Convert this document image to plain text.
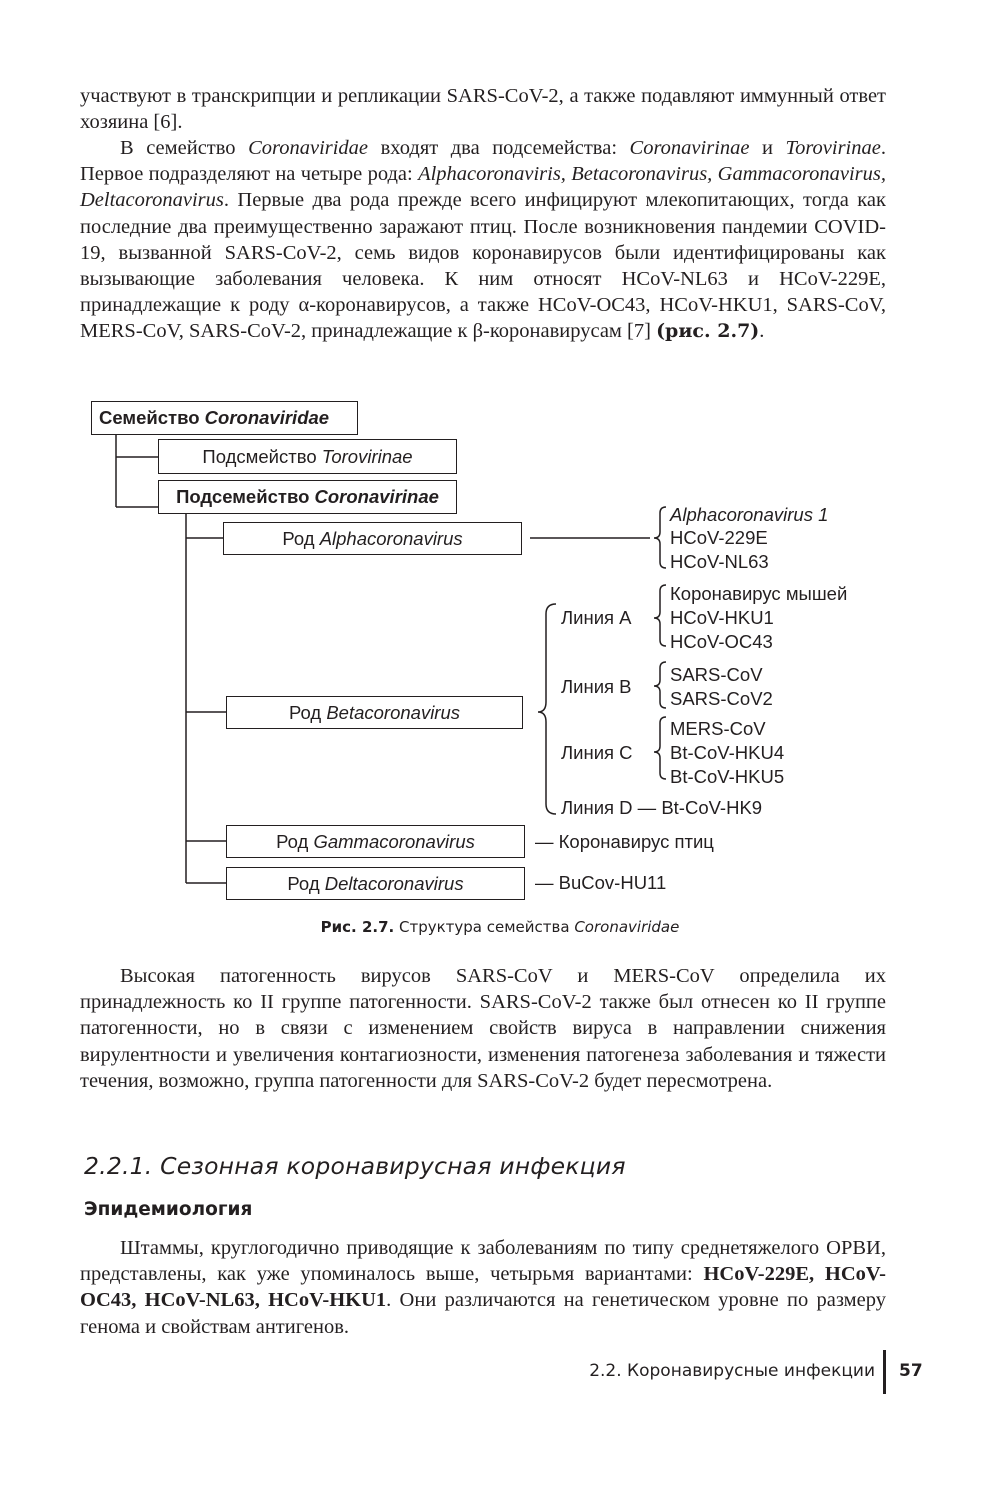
участвуют в транскрипции и репликации SARS-CoV-2, а также подавляют иммунный ответ хозяина [6].

В семейство Coronaviridae входят два подсемейства: Coronavirinae и Torovirinae. Первое подразделяют на четыре рода: Alphacoronaviris, Betacoronavirus, Gammacoronavirus, Deltacoronavirus. Первые два рода прежде всего инфицируют млекопитающих, тогда как последние два преимущественно заражают птиц. После возникновения пандемии COVID-19, вызванной SARS-CoV-2, семь видов коронавирусов были идентифицированы как вызывающие заболевания человека. К ним относят HCoV-NL63 и HCoV-229E, принадлежащие к роду α-коронавирусов, а также HCoV-OC43, HCoV-HKU1, SARS-CoV, MERS-CoV, SARS-CoV-2, принадлежащие к β-коронавирусам [7] (рис. 2.7).

Семейство Coronaviridae
Подсмейство Torovirinae
Подсемейство Coronavirinae
Род Alphacoronavirus
Род Betacoronavirus
Род Gammacoronavirus
Род Deltacoronavirus
Alphacoronavirus 1
HCoV-229E
HCoV-NL63
Линия A
Коронавирус мышей
HCoV-HKU1
HCoV-OC43
Линия B
SARS-CoV
SARS-CoV2
Линия C
MERS-CoV
Bt-CoV-HKU4
Bt-CoV-HKU5
Линия D — Bt-CoV-HK9
— Коронавирус птиц
— BuCov-HU11
Рис. 2.7. Структура семейства Coronaviridae

Высокая патогенность вирусов SARS-CoV и MERS-CoV определила их принадлежность ко II группе патогенности. SARS-CoV-2 также был отнесен ко II группе патогенности, но в связи с изменением свойств вируса в направлении снижения вирулентности и увеличения контагиозности, изменения патогенеза заболевания и тяжести течения, возможно, группа патогенности для SARS-CoV-2 будет пересмотрена.

2.2.1. Сезонная коронавирусная инфекция
Эпидемиология

Штаммы, круглогодично приводящие к заболеваниям по типу среднетяжелого ОРВИ, представлены, как уже упоминалось выше, четырьмя вариантами: HCoV-229E, HCoV-OC43, HCoV-NL63, HCoV-HKU1. Они различаются на генетическом уровне по размеру генома и свойствам антигенов.

2.2. Коронавирусные инфекции 57
